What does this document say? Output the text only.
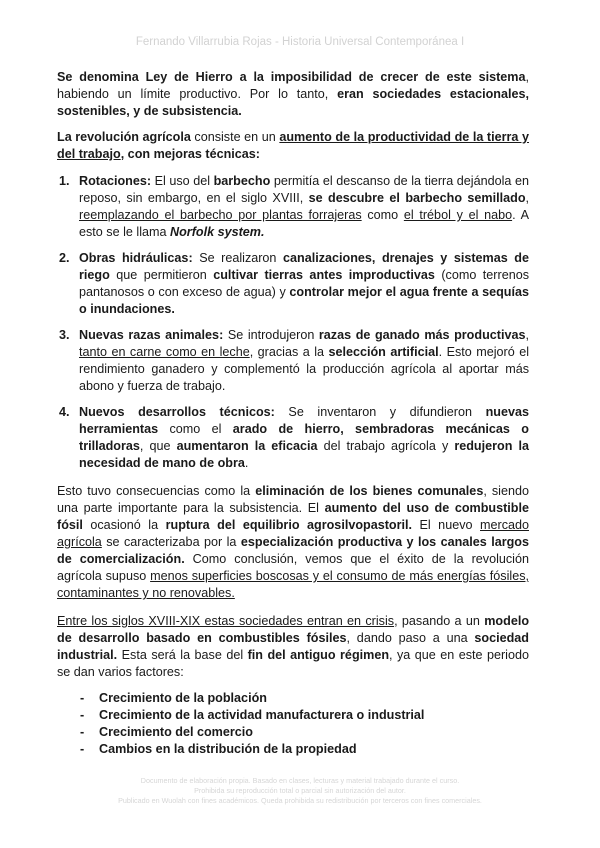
Fernando Villarrubia Rojas - Historia Universal Contemporánea I

Se denomina Ley de Hierro a la imposibilidad de crecer de este sistema, habiendo un límite productivo. Por lo tanto, eran sociedades estacionales, sostenibles, y de subsistencia.

La revolución agrícola consiste en un aumento de la productividad de la tierra y del trabajo, con mejoras técnicas:

1. Rotaciones: El uso del barbecho permitía el descanso de la tierra dejándola en reposo, sin embargo, en el siglo XVIII, se descubre el barbecho semillado, reemplazando el barbecho por plantas forrajeras como el trébol y el nabo. A esto se le llama Norfolk system.
2. Obras hidráulicas: Se realizaron canalizaciones, drenajes y sistemas de riego que permitieron cultivar tierras antes improductivas (como terrenos pantanosos o con exceso de agua) y controlar mejor el agua frente a sequías o inundaciones.
3. Nuevas razas animales: Se introdujeron razas de ganado más productivas, tanto en carne como en leche, gracias a la selección artificial. Esto mejoró el rendimiento ganadero y complementó la producción agrícola al aportar más abono y fuerza de trabajo.
4. Nuevos desarrollos técnicos: Se inventaron y difundieron nuevas herramientas como el arado de hierro, sembradoras mecánicas o trilladoras, que aumentaron la eficacia del trabajo agrícola y redujeron la necesidad de mano de obra.

Esto tuvo consecuencias como la eliminación de los bienes comunales, siendo una parte importante para la subsistencia. El aumento del uso de combustible fósil ocasionó la ruptura del equilibrio agrosilvopastoril. El nuevo mercado agrícola se caracterizaba por la especialización productiva y los canales largos de comercialización. Como conclusión, vemos que el éxito de la revolución agrícola supuso menos superficies boscosas y el consumo de más energías fósiles, contaminantes y no renovables.

Entre los siglos XVIII-XIX estas sociedades entran en crisis, pasando a un modelo de desarrollo basado en combustibles fósiles, dando paso a una sociedad industrial. Esta será la base del fin del antiguo régimen, ya que en este periodo se dan varios factores:

- Crecimiento de la población
- Crecimiento de la actividad manufacturera o industrial
- Crecimiento del comercio
- Cambios en la distribución de la propiedad
Documento de elaboración propia. Basado en clases, lecturas y material trabajado durante el curso.
Prohibida su reproducción total o parcial sin autorización del autor.
Publicado en Wuolah con fines académicos. Queda prohibida su redistribución por terceros con fines comerciales.
